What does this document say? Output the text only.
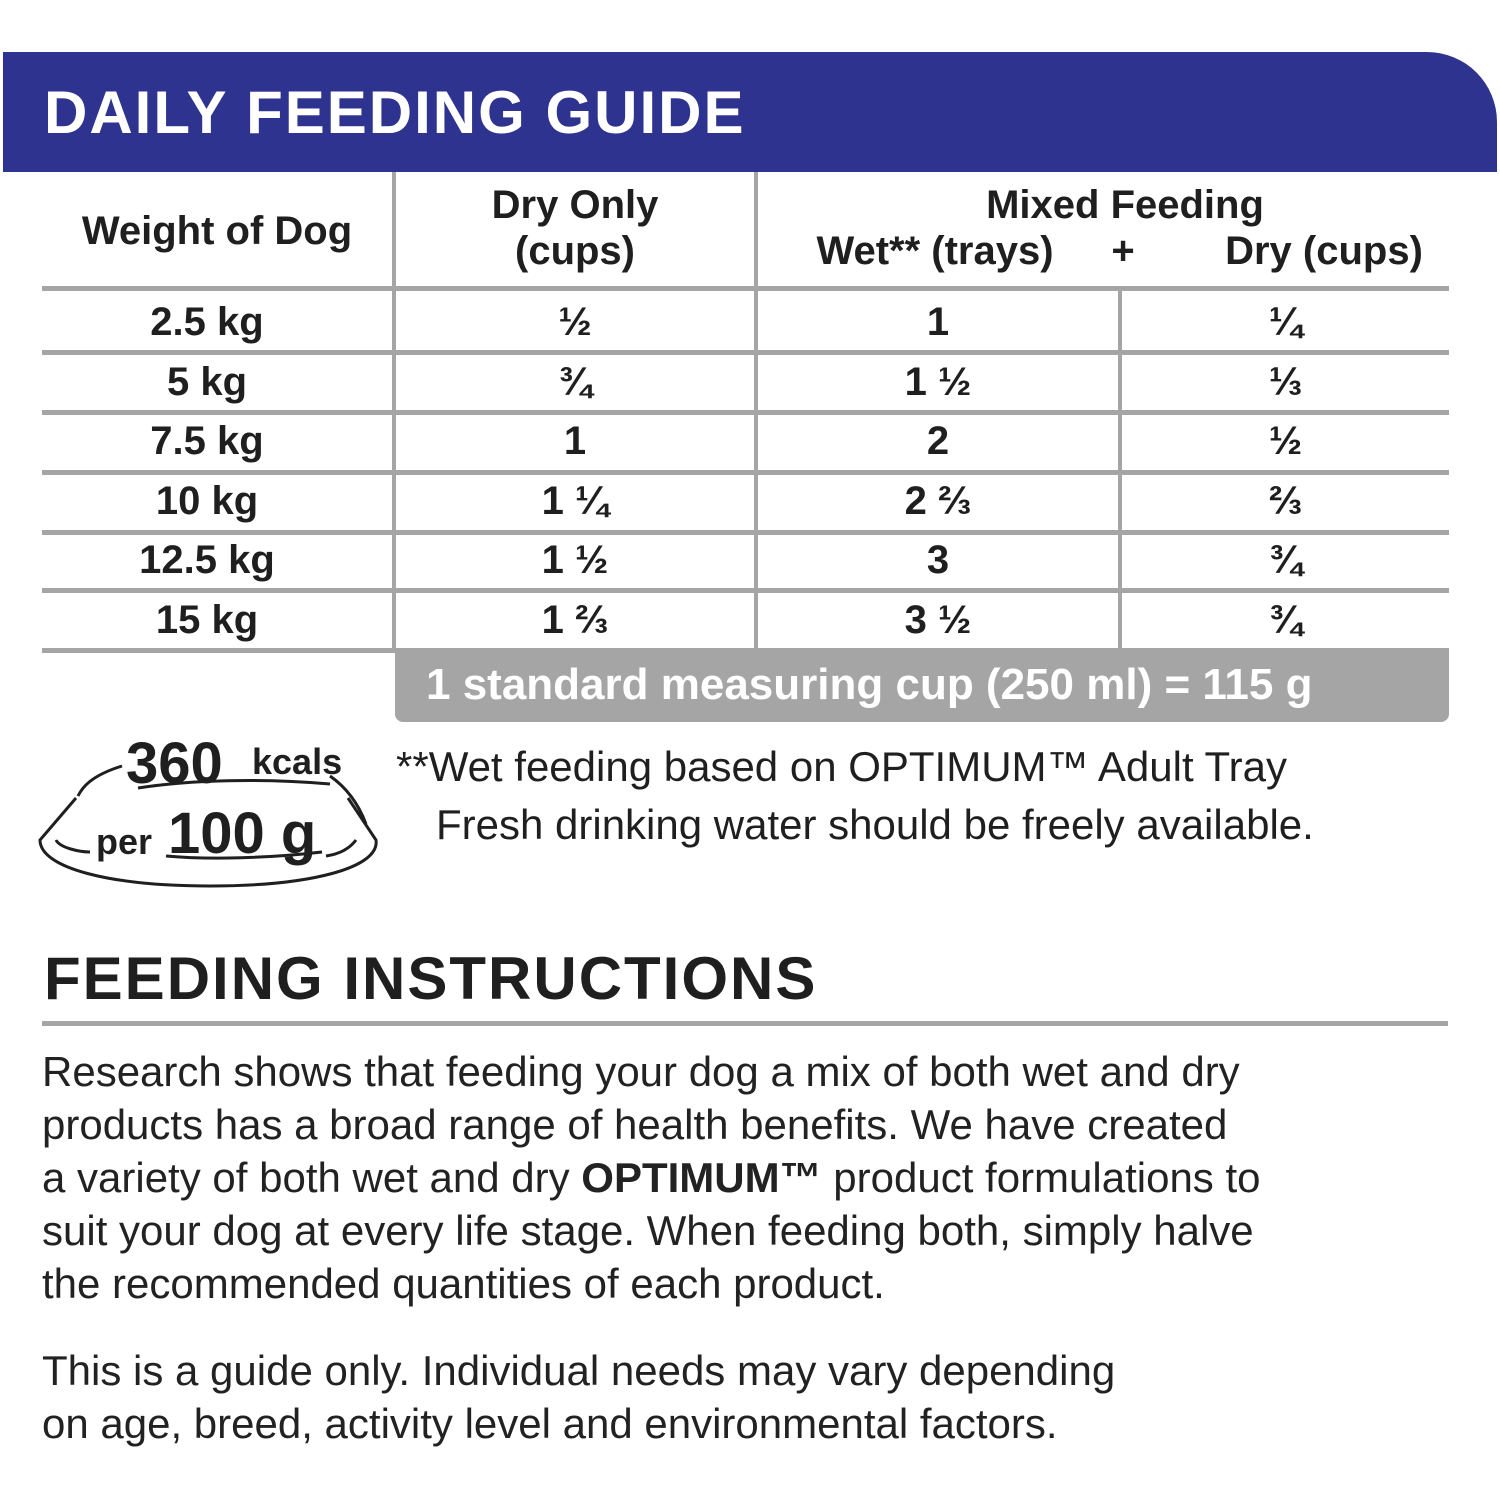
DAILY FEEDING GUIDE
Weight of Dog
Dry Only
(cups)
Mixed Feeding
Wet** (trays)	+	Dry (cups)
2.5 kg	½	1	¼
5 kg	¾	1 ½	⅓
7.5 kg	1	2	½
10 kg	1 ¼	2 ⅔	⅔
12.5 kg	1 ½	3	¾
15 kg	1 ⅔	3 ½	¾
1 standard measuring cup (250 ml) = 115 g
360 kcals
per 100 g
**Wet feeding based on OPTIMUM™ Adult Tray
Fresh drinking water should be freely available.
FEEDING INSTRUCTIONS
Research shows that feeding your dog a mix of both wet and dry
products has a broad range of health benefits. We have created
a variety of both wet and dry OPTIMUM™ product formulations to
suit your dog at every life stage. When feeding both, simply halve
the recommended quantities of each product.
This is a guide only. Individual needs may vary depending
on age, breed, activity level and environmental factors.
